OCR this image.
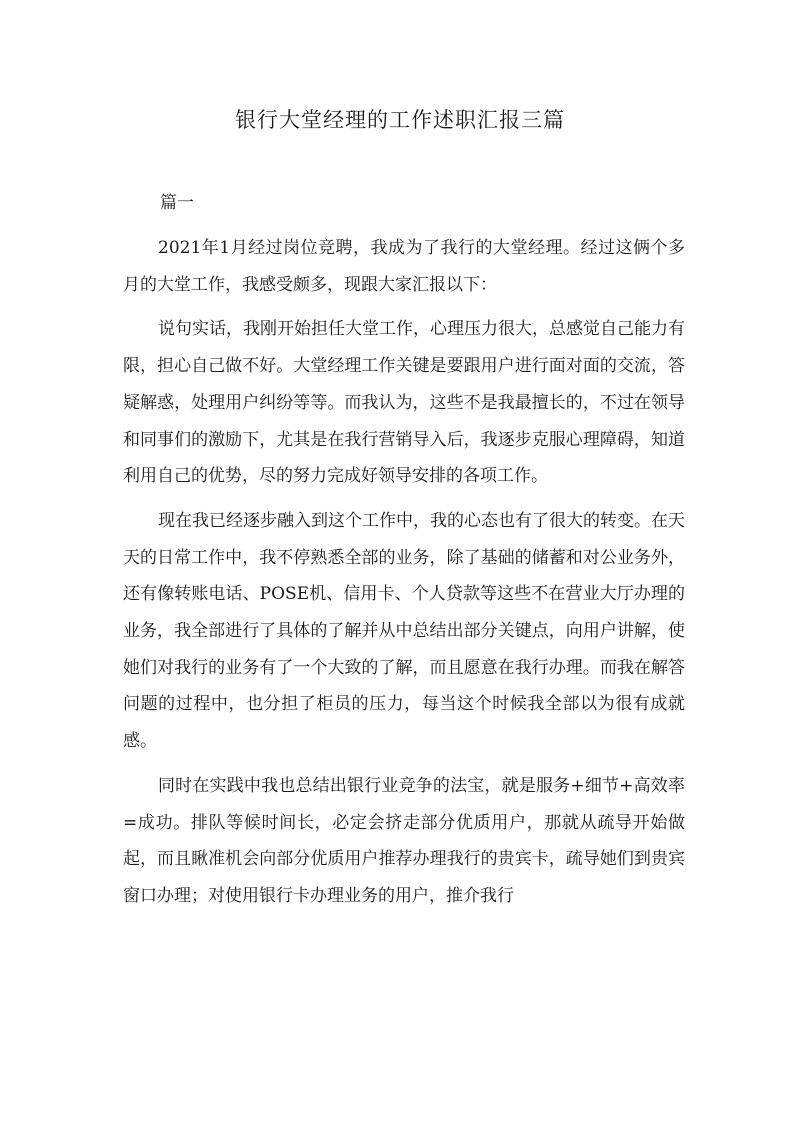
银行大堂经理的工作述职汇报三篇
篇一

2021年1月经过岗位竞聘，我成为了我行的大堂经理。经过这俩个多月的大堂工作，我感受颇多，现跟大家汇报以下：

说句实话，我刚开始担任大堂工作，心理压力很大，总感觉自己能力有限，担心自己做不好。大堂经理工作关键是要跟用户进行面对面的交流，答疑解惑，处理用户纠纷等等。而我认为，这些不是我最擅长的，不过在领导和同事们的激励下，尤其是在我行营销导入后，我逐步克服心理障碍，知道利用自己的优势，尽的努力完成好领导安排的各项工作。

现在我已经逐步融入到这个工作中，我的心态也有了很大的转变。在天天的日常工作中，我不停熟悉全部的业务，除了基础的储蓄和对公业务外，还有像转账电话、POSE机、信用卡、个人贷款等这些不在营业大厅办理的业务，我全部进行了具体的了解并从中总结出部分关键点，向用户讲解，使她们对我行的业务有了一个大致的了解，而且愿意在我行办理。而我在解答问题的过程中，也分担了柜员的压力，每当这个时候我全部以为很有成就感。

同时在实践中我也总结出银行业竞争的法宝，就是服务+细节+高效率=成功。排队等候时间长，必定会挤走部分优质用户，那就从疏导开始做起，而且瞅准机会向部分优质用户推荐办理我行的贵宾卡，疏导她们到贵宾窗口办理；对使用银行卡办理业务的用户，推介我行
